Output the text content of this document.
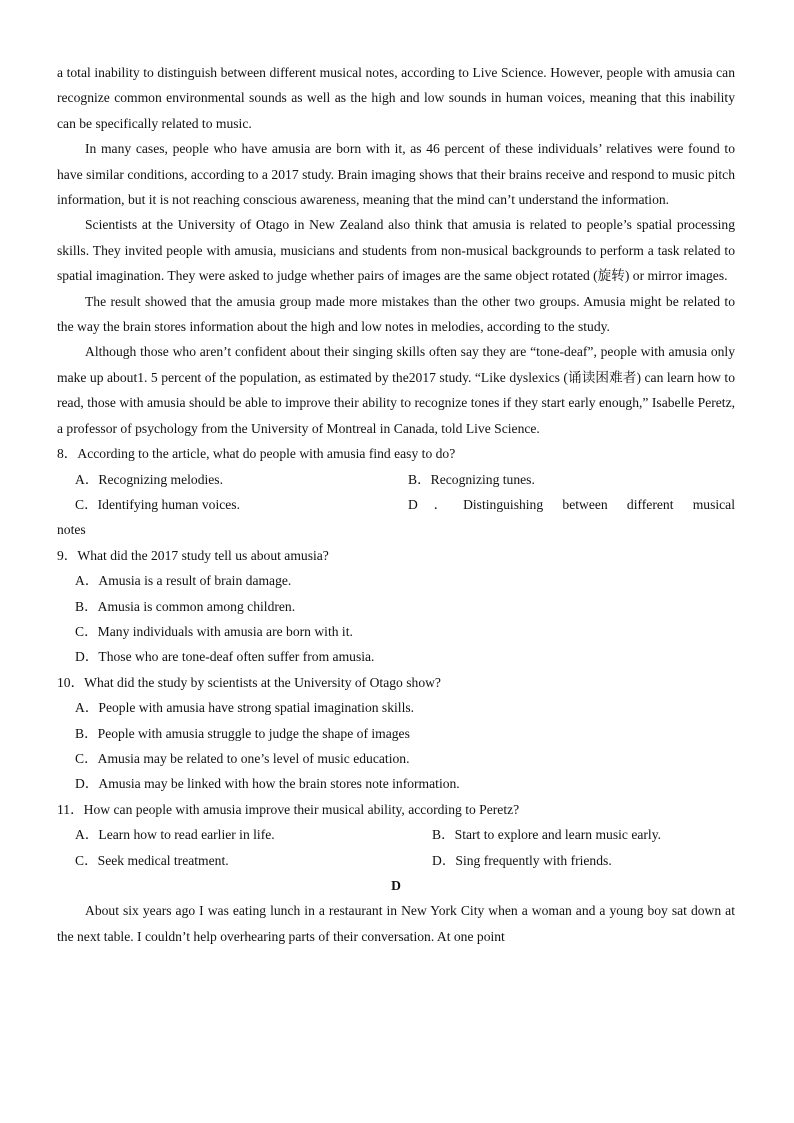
a total inability to distinguish between different musical notes, according to Live Science. However, people with amusia can recognize common environmental sounds as well as the high and low sounds in human voices, meaning that this inability can be specifically related to music.

In many cases, people who have amusia are born with it, as 46 percent of these individuals’ relatives were found to have similar conditions, according to a 2017 study. Brain imaging shows that their brains receive and respond to music pitch information, but it is not reaching conscious awareness, meaning that the mind can’t understand the information.

Scientists at the University of Otago in New Zealand also think that amusia is related to people’s spatial processing skills. They invited people with amusia, musicians and students from non-musical backgrounds to perform a task related to spatial imagination. They were asked to judge whether pairs of images are the same object rotated (旋转) or mirror images.

The result showed that the amusia group made more mistakes than the other two groups. Amusia might be related to the way the brain stores information about the high and low notes in melodies, according to the study.

Although those who aren’t confident about their singing skills often say they are “tone-deaf”, people with amusia only make up about1. 5 percent of the population, as estimated by the2017 study. “Like dyslexics (诵读困难者) can learn how to read, those with amusia should be able to improve their ability to recognize tones if they start early enough,” Isabelle Peretz, a professor of psychology from the University of Montreal in Canada, told Live Science.

8．According to the article, what do people with amusia find easy to do?

A．Recognizing melodies.	B．Recognizing tunes.
C．Identifying human voices.	D．Distinguishing between different musical
notes

9．What did the 2017 study tell us about amusia?

A．Amusia is a result of brain damage.

B．Amusia is common among children.

C．Many individuals with amusia are born with it.

D．Those who are tone-deaf often suffer from amusia.

10．What did the study by scientists at the University of Otago show?

A．People with amusia have strong spatial imagination skills.

B．People with amusia struggle to judge the shape of images

C．Amusia may be related to one’s level of music education.

D．Amusia may be linked with how the brain stores note information.

11．How can people with amusia improve their musical ability, according to Peretz?

A．Learn how to read earlier in life.	B．Start to explore and learn music early.
C．Seek medical treatment.	D．Sing frequently with friends.

D

About six years ago I was eating lunch in a restaurant in New York City when a woman and a young boy sat down at the next table. I couldn’t help overhearing parts of their conversation. At one point
